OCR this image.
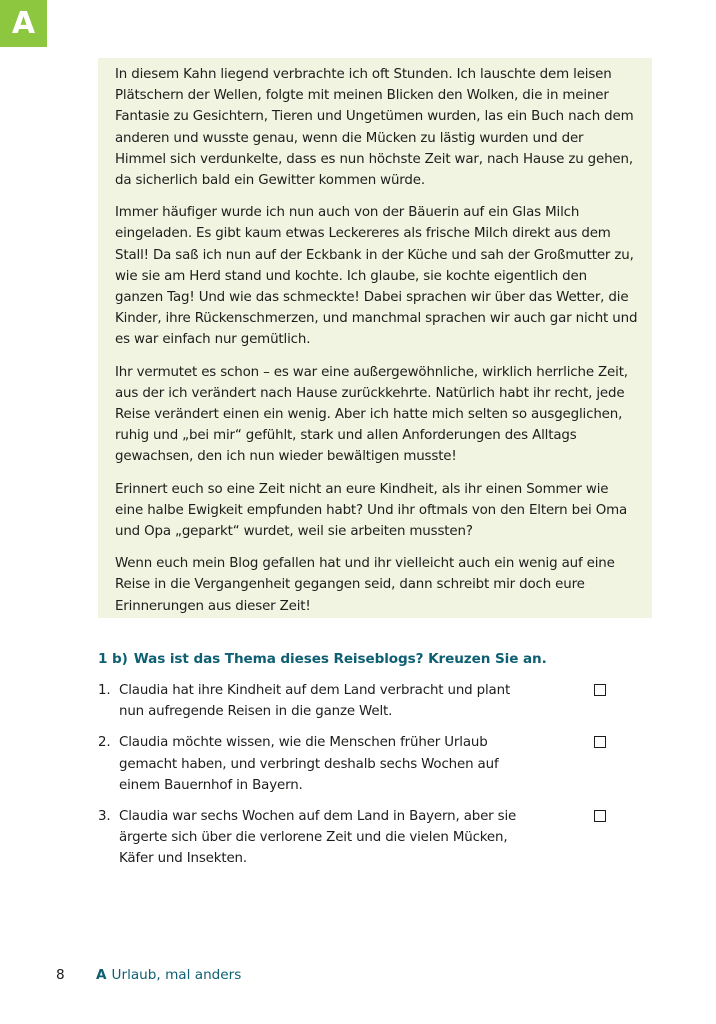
A

In diesem Kahn liegend verbrachte ich oft Stunden. Ich lauschte dem leisen Plätschern der Wellen, folgte mit meinen Blicken den Wolken, die in meiner Fantasie zu Gesichtern, Tieren und Ungetümen wurden, las ein Buch nach dem anderen und wusste genau, wenn die Mücken zu lästig wurden und der Himmel sich verdunkelte, dass es nun höchste Zeit war, nach Hause zu gehen, da sicherlich bald ein Gewitter kommen würde.

Immer häufiger wurde ich nun auch von der Bäuerin auf ein Glas Milch eingeladen. Es gibt kaum etwas Leckereres als frische Milch direkt aus dem Stall! Da saß ich nun auf der Eckbank in der Küche und sah der Großmutter zu, wie sie am Herd stand und kochte. Ich glaube, sie kochte eigentlich den ganzen Tag! Und wie das schmeckte! Dabei sprachen wir über das Wetter, die Kinder, ihre Rückenschmerzen, und manchmal sprachen wir auch gar nicht und es war einfach nur gemütlich.

Ihr vermutet es schon – es war eine außergewöhnliche, wirklich herrliche Zeit, aus der ich verändert nach Hause zurückkehrte. Natürlich habt ihr recht, jede Reise verändert einen ein wenig. Aber ich hatte mich selten so ausgeglichen, ruhig und „bei mir“ gefühlt, stark und allen Anforderungen des Alltags gewachsen, den ich nun wieder bewältigen musste!

Erinnert euch so eine Zeit nicht an eure Kindheit, als ihr einen Sommer wie eine halbe Ewigkeit empfunden habt? Und ihr oftmals von den Eltern bei Oma und Opa „geparkt“ wurdet, weil sie arbeiten mussten?

Wenn euch mein Blog gefallen hat und ihr vielleicht auch ein wenig auf eine Reise in die Vergangenheit gegangen seid, dann schreibt mir doch eure Erinnerungen aus dieser Zeit!

1 b) Was ist das Thema dieses Reiseblogs? Kreuzen Sie an.
1. Claudia hat ihre Kindheit auf dem Land verbracht und plant nun aufregende Reisen in die ganze Welt.
2. Claudia möchte wissen, wie die Menschen früher Urlaub gemacht haben, und verbringt deshalb sechs Wochen auf einem Bauernhof in Bayern.
3. Claudia war sechs Wochen auf dem Land in Bayern, aber sie ärgerte sich über die verlorene Zeit und die vielen Mücken, Käfer und Insekten.
8 A Urlaub, mal anders
